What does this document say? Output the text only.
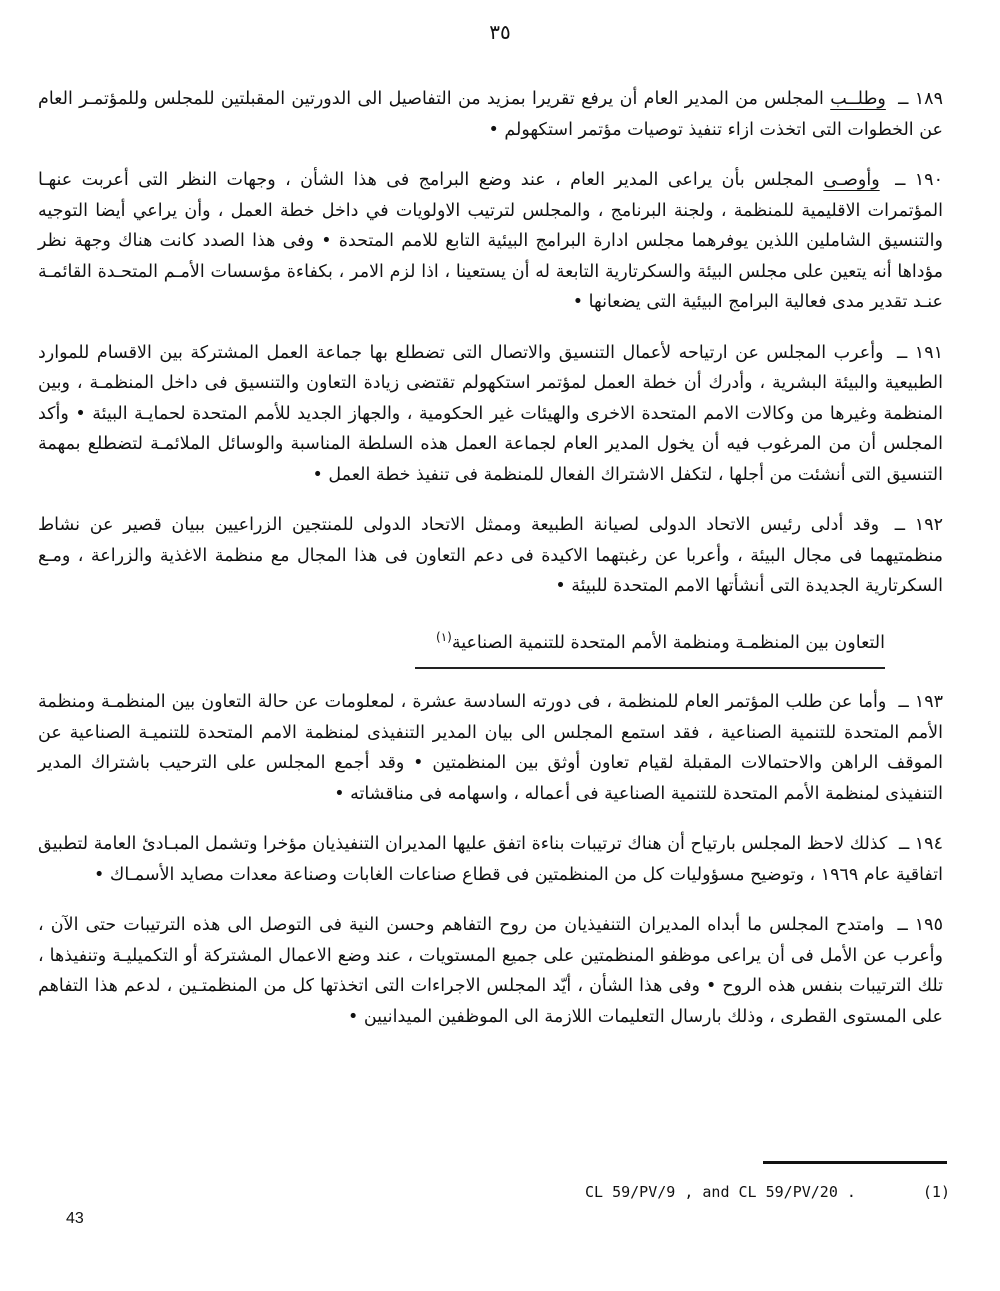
٣٥

١٨٩ ــ وطلــب المجلس من المدير العام أن يرفع تقريرا بمزيد من التفاصيل الى الدورتين المقبلتين للمجلس وللمؤتمـر العام عن الخطوات التى اتخذت ازاء تنفيذ توصيات مؤتمر استكهولم •

١٩٠ ــ وأوصـى المجلس بأن يراعى المدير العام ، عند وضع البرامج فى هذا الشأن ، وجهات النظر التى أعربت عنهـا المؤتمرات الاقليمية للمنظمة ، ولجنة البرنامج ، والمجلس لترتيب الاولويات في داخل خطة العمل ، وأن يراعي أيضا التوجيه والتنسيق الشاملين اللذين يوفرهما مجلس ادارة البرامج البيئية التابع للامم المتحدة • وفى هذا الصدد كانت هناك وجهة نظر مؤداها أنه يتعين على مجلس البيئة والسكرتارية التابعة له أن يستعينا ، اذا لزم الامر ، بكفاءة مؤسسات الأمـم المتحـدة القائمـة عنـد تقدير مدى فعالية البرامج البيئية التى يضعانها •

١٩١ ــ وأعرب المجلس عن ارتياحه لأعمال التنسيق والاتصال التى تضطلع بها جماعة العمل المشتركة بين الاقسام للموارد الطبيعية والبيئة البشرية ، وأدرك أن خطة العمل لمؤتمر استكهولم تقتضى زيادة التعاون والتنسيق فى داخل المنظمـة ، وبين المنظمة وغيرها من وكالات الامم المتحدة الاخرى والهيئات غير الحكومية ، والجهاز الجديد للأمم المتحدة لحمايـة البيئة • وأكد المجلس أن من المرغوب فيه أن يخول المدير العام لجماعة العمل هذه السلطة المناسبة والوسائل الملائمـة لتضطلع بمهمة التنسيق التى أنشئت من أجلها ، لتكفل الاشتراك الفعال للمنظمة فى تنفيذ خطة العمل •

١٩٢ ــ وقد أدلى رئيس الاتحاد الدولى لصيانة الطبيعة وممثل الاتحاد الدولى للمنتجين الزراعيين ببيان قصير عن نشاط منظمتيهما فى مجال البيئة ، وأعربا عن رغبتهما الاكيدة فى دعم التعاون فى هذا المجال مع منظمة الاغذية والزراعة ، ومـع السكرتارية الجديدة التى أنشأتها الامم المتحدة للبيئة •

التعاون بين المنظمـة ومنظمة الأمم المتحدة للتنمية الصناعية$^{(١)}$

١٩٣ ــ وأما عن طلب المؤتمر العام للمنظمة ، فى دورته السادسة عشرة ، لمعلومات عن حالة التعاون بين المنظمـة ومنظمة الأمم المتحدة للتنمية الصناعية ، فقد استمع المجلس الى بيان المدير التنفيذى لمنظمة الامم المتحدة للتنميـة الصناعية عن الموقف الراهن والاحتمالات المقبلة لقيام تعاون أوثق بين المنظمتين • وقد أجمع المجلس على الترحيب باشتراك المدير التنفيذى لمنظمة الأمم المتحدة للتنمية الصناعية فى أعماله ، واسهامه فى مناقشاته •

١٩٤ ــ كذلك لاحظ المجلس بارتياح أن هناك ترتيبات بناءة اتفق عليها المديران التنفيذيان مؤخرا وتشمل المبـادئ العامة لتطبيق اتفاقية عام ١٩٦٩ ، وتوضيح مسؤوليات كل من المنظمتين فى قطاع صناعات الغابات وصناعة معدات مصايد الأسمـاك •

١٩٥ ــ وامتدح المجلس ما أبداه المديران التنفيذيان من روح التفاهم وحسن النية فى التوصل الى هذه الترتيبات حتى الآن ، وأعرب عن الأمل فى أن يراعى موظفو المنظمتين على جميع المستويات ، عند وضع الاعمال المشتركة أو التكميليـة وتنفيذها ، تلك الترتيبات بنفس هذه الروح • وفى هذا الشأن ، أيّد المجلس الاجراءات التى اتخذتها كل من المنظمتـين ، لدعم هذا التفاهم على المستوى القطرى ، وذلك بارسال التعليمات اللازمة الى الموظفين الميدانيين •

CL 59/PV/9 , and CL 59/PV/20 .	(1)
43
